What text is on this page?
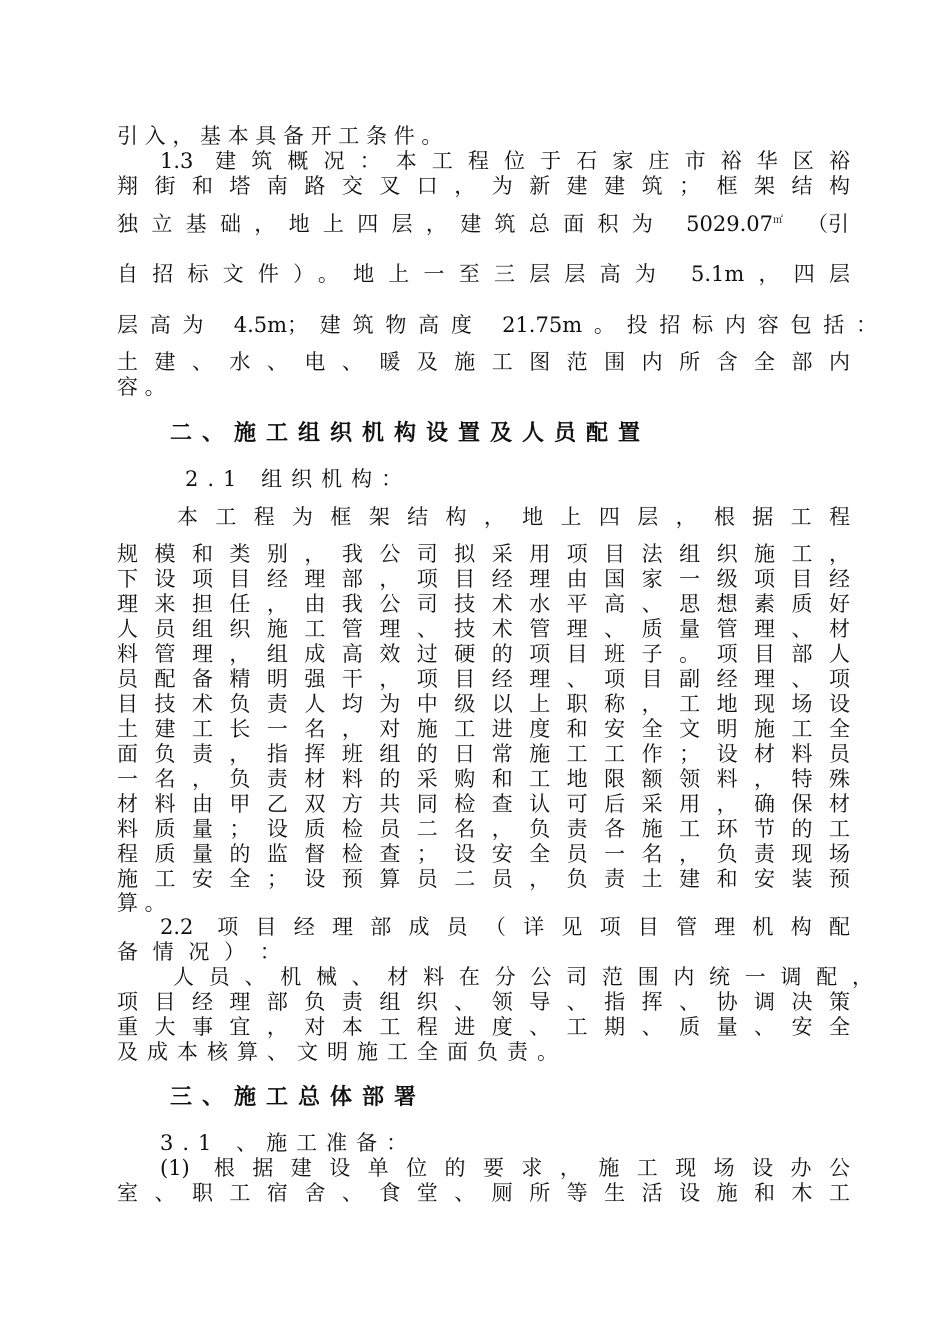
引 入 ， 基 本 具 备 开 工 条 件 。
1.3 建筑概况：本工程位于石家庄市裕华区裕
翔街和塔南路交叉口，为新建建筑；框架结构
独立基础，地上四层，建筑总面积为 5029.07㎡ （引
自招标文件）。地上一至三层层高为 5.1m，四层
层高为 4.5m；建筑物高度 21.75m。投招标内容包括：
土建、水、电、暖及施工图范围内所含全部内
容 。
二、施工组织机构设置及人员配置
2.1 组织机构：
本工程为框架结构，地上四层，根据工程
规模和类别，我公司拟采用项目法组织施工，
下设项目经理部，项目经理由国家一级项目经
理来担任，由我公司技术水平高、思想素质好
人员组织施工管理、技术管理、质量管理、材
料管理，组成高效过硬的项目班子。项目部人
员配备精明强干，项目经理、项目副经理、项
目技术负责人均为中级以上职称，工地现场设
土建工长一名，对施工进度和安全文明施工全
面负责，指挥班组的日常施工工作；设材料员
一名，负责材料的采购和工地限额领料，特殊
材料由甲乙双方共同检查认可后采用，确保材
料质量；设质检员二名，负责各施工环节的工
程质量的监督检查；设安全员一名，负责现场
施工安全；设预算员二员，负责土建和安装预
算 。
2.2 项目经理部成员（详见项目管理机构配
备 情 况 ） ：
人员、机械、材料在分公司范围内统一调配，
项目经理部负责组织、领导、指挥、协调决策
重大事宜，对本工程进度、工期、质量、安全
及成本核算、文明施工全面负责。
三、施工总体部署
3.1 、施工准备：
(1) 根据建设单位的要求，施工现场设办公
室、职工宿舍、食堂、厕所等生活设施和木工
2
